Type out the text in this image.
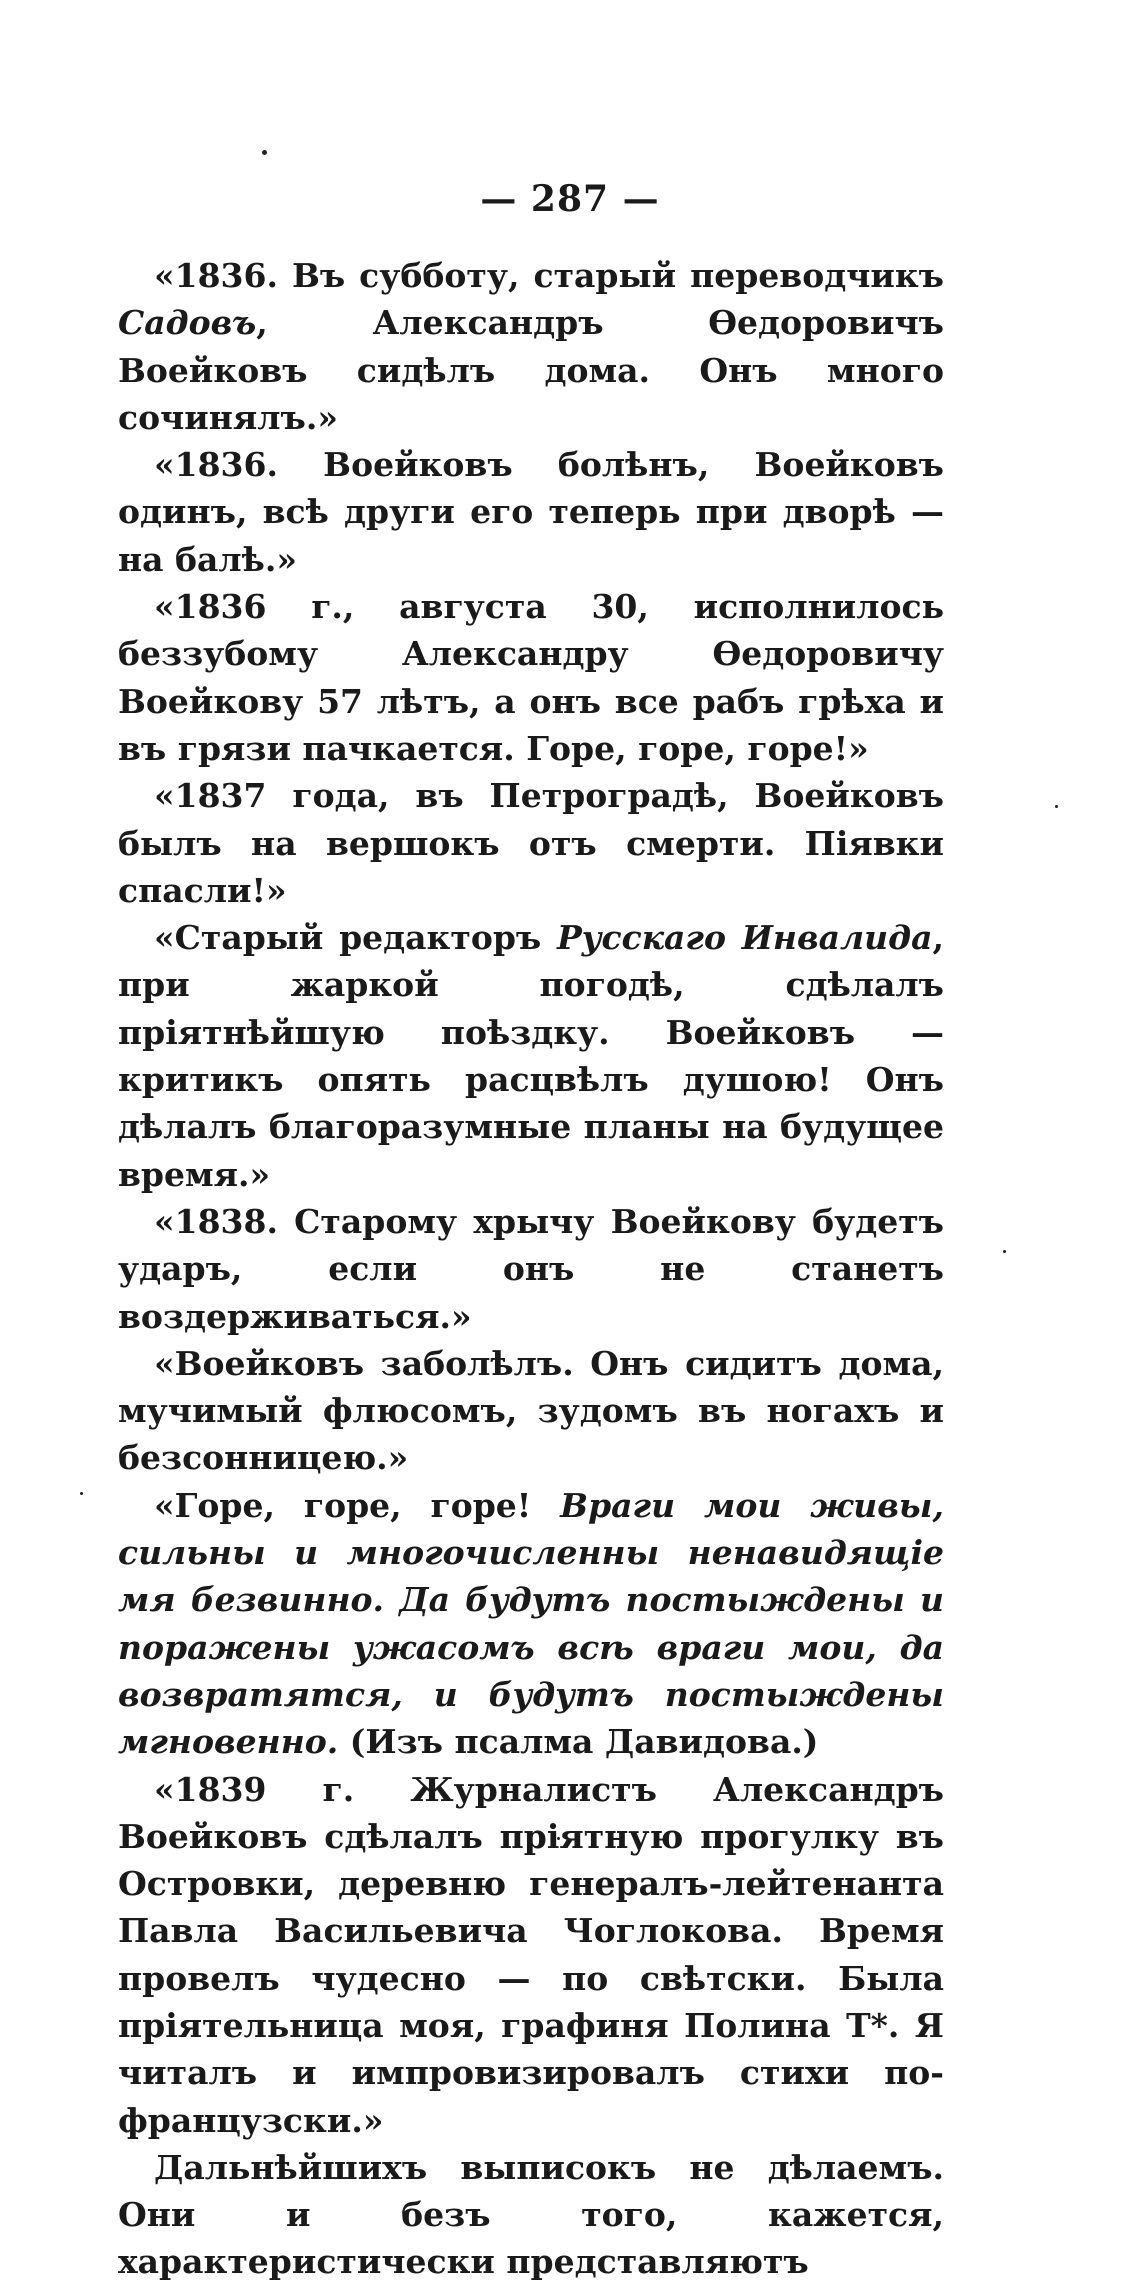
— 287 —

«1836. Въ субботу, старый переводчикъ Садовъ, Александръ Өедоровичъ Воейковъ сидѣлъ дома. Онъ много сочинялъ.»

«1836. Воейковъ болѣнъ, Воейковъ одинъ, всѣ други его теперь при дворѣ — на балѣ.»

«1836 г., августа 30, исполнилось беззубому Александру Өедоровичу Воейкову 57 лѣтъ, а онъ все рабъ грѣха и въ грязи пачкается. Горе, горе, горе!»

«1837 года, въ Петроградѣ, Воейковъ былъ на вершокъ отъ смерти. Піявки спасли!»

«Старый редакторъ Русскаго Инвалида, при жаркой погодѣ, сдѣлалъ пріятнѣйшую поѣздку. Воейковъ — критикъ опять расцвѣлъ душою! Онъ дѣлалъ благоразумные планы на будущее время.»

«1838. Старому хрычу Воейкову будетъ ударъ, если онъ не станетъ воздерживаться.»

«Воейковъ заболѣлъ. Онъ сидитъ дома, мучимый флюсомъ, зудомъ въ ногахъ и безсонницею.»

«Горе, горе, горе! Враги мои живы, сильны и многочисленны ненавидящіе мя безвинно. Да будутъ постыждены и поражены ужасомъ всѣ враги мои, да возвратятся, и будутъ постыждены мгновенно. (Изъ псалма Давидова.)

«1839 г. Журналистъ Александръ Воейковъ сдѣлалъ пріятную прогулку въ Островки, деревню генералъ-лейтенанта Павла Васильевича Чоглокова. Время провелъ чудесно — по свѣтски. Была пріятельница моя, графиня Полина Т*. Я читалъ и импровизировалъ стихи по-французски.»

Дальнѣйшихъ выписокъ не дѣлаемъ. Они и безъ того, кажется, характеристически представляютъ
